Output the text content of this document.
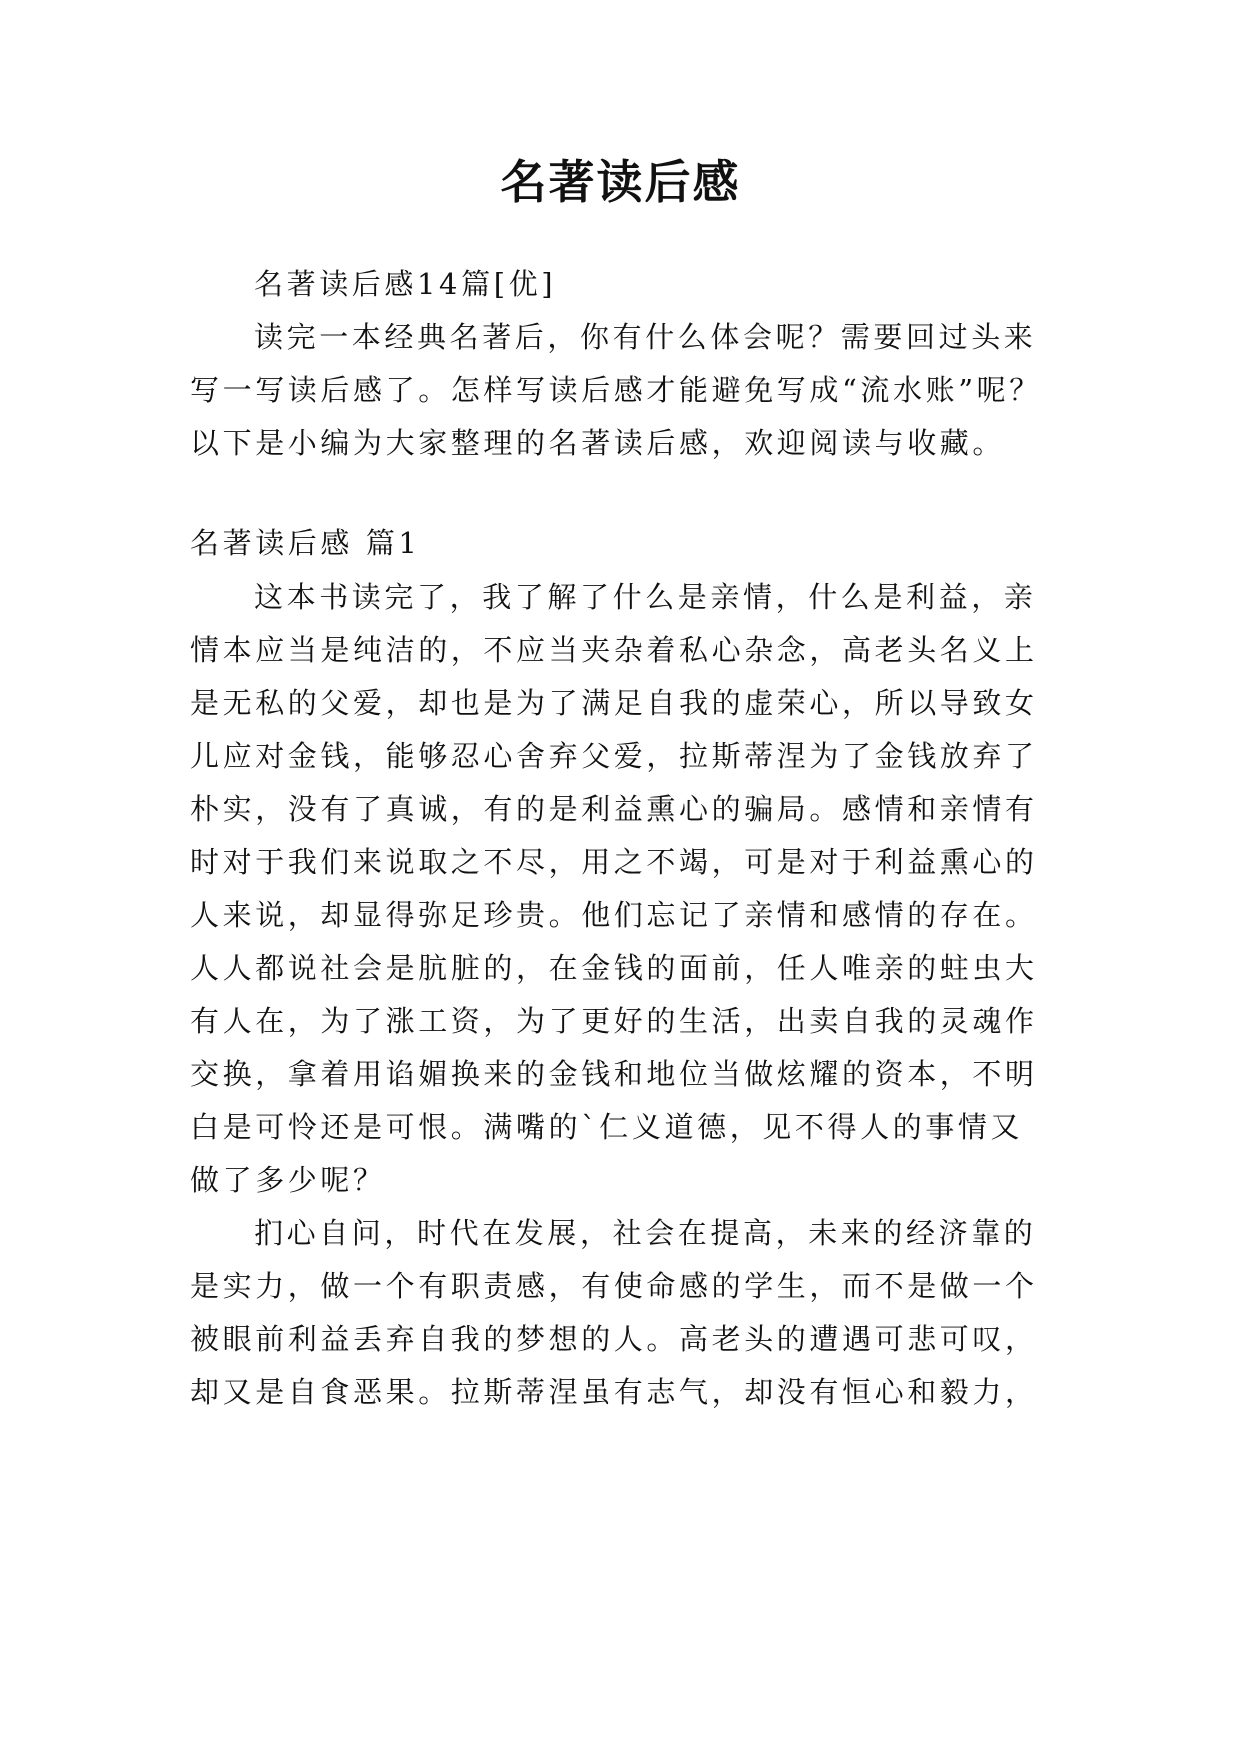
名著读后感
名著读后感14篇[优]
读完一本经典名著后，你有什么体会呢？需要回过头来
写一写读后感了。怎样写读后感才能避免写成“流水账”呢？
以下是小编为大家整理的名著读后感，欢迎阅读与收藏。
名著读后感 篇1
这本书读完了，我了解了什么是亲情，什么是利益，亲
情本应当是纯洁的，不应当夹杂着私心杂念，高老头名义上
是无私的父爱，却也是为了满足自我的虚荣心，所以导致女
儿应对金钱，能够忍心舍弃父爱，拉斯蒂涅为了金钱放弃了
朴实，没有了真诚，有的是利益熏心的骗局。感情和亲情有
时对于我们来说取之不尽，用之不竭，可是对于利益熏心的
人来说，却显得弥足珍贵。他们忘记了亲情和感情的存在。
人人都说社会是肮脏的，在金钱的面前，任人唯亲的蛀虫大
有人在，为了涨工资，为了更好的生活，出卖自我的灵魂作
交换，拿着用谄媚换来的金钱和地位当做炫耀的资本，不明
白是可怜还是可恨。满嘴的`仁义道德，见不得人的事情又
做了多少呢？
扪心自问，时代在发展，社会在提高，未来的经济靠的
是实力，做一个有职责感，有使命感的学生，而不是做一个
被眼前利益丢弃自我的梦想的人。高老头的遭遇可悲可叹，
却又是自食恶果。拉斯蒂涅虽有志气，却没有恒心和毅力，
